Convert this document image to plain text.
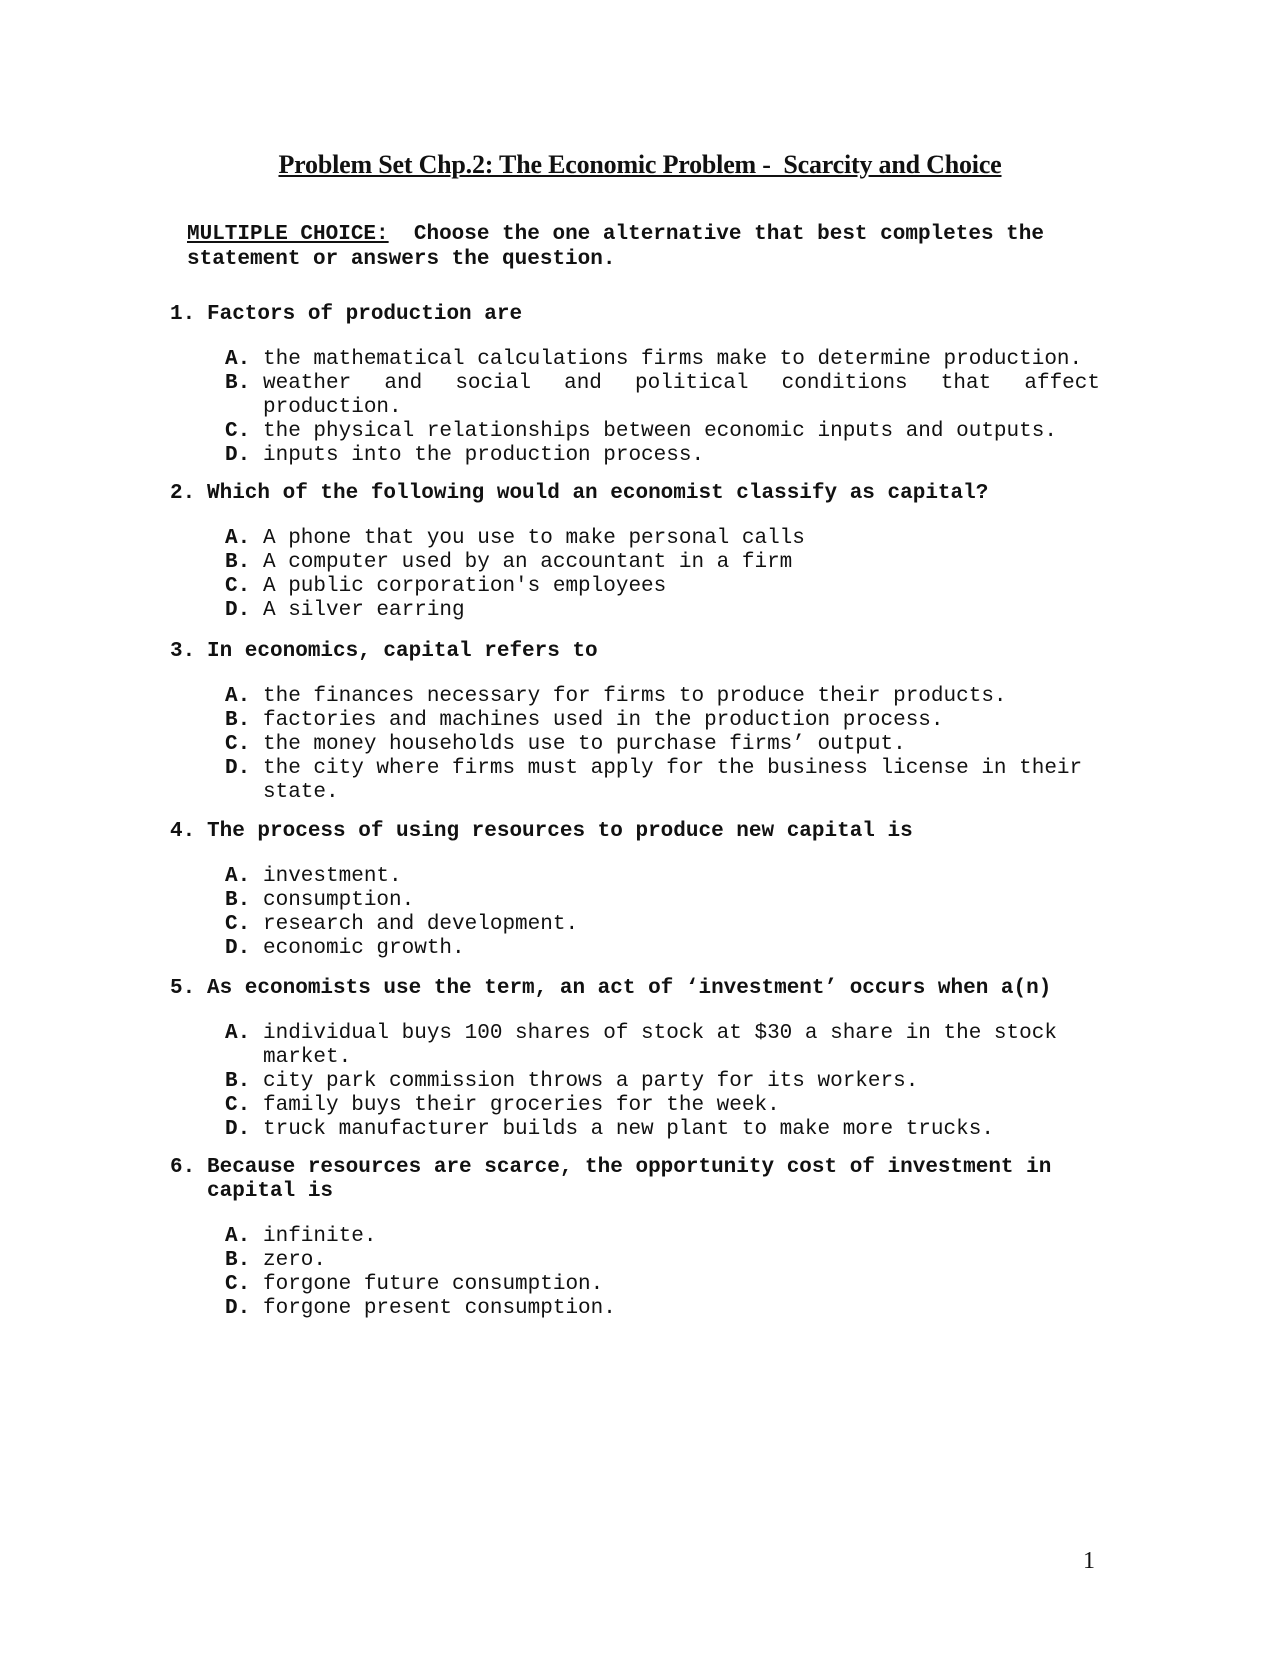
Problem Set Chp.2: The Economic Problem -  Scarcity and Choice
MULTIPLE CHOICE: Choose the one alternative that best completes the statement or answers the question.
1. Factors of production are
A. the mathematical calculations firms make to determine production.
B. weather and social and political conditions that affect production.
C. the physical relationships between economic inputs and outputs.
D. inputs into the production process.
2. Which of the following would an economist classify as capital?
A. A phone that you use to make personal calls
B. A computer used by an accountant in a firm
C. A public corporation's employees
D. A silver earring
3. In economics, capital refers to
A. the finances necessary for firms to produce their products.
B. factories and machines used in the production process.
C. the money households use to purchase firms’ output.
D. the city where firms must apply for the business license in their state.
4. The process of using resources to produce new capital is
A. investment.
B. consumption.
C. research and development.
D. economic growth.
5. As economists use the term, an act of ‘investment’ occurs when a(n)
A. individual buys 100 shares of stock at $30 a share in the stock market.
B. city park commission throws a party for its workers.
C. family buys their groceries for the week.
D. truck manufacturer builds a new plant to make more trucks.
6. Because resources are scarce, the opportunity cost of investment in capital is
A. infinite.
B. zero.
C. forgone future consumption.
D. forgone present consumption.
1
